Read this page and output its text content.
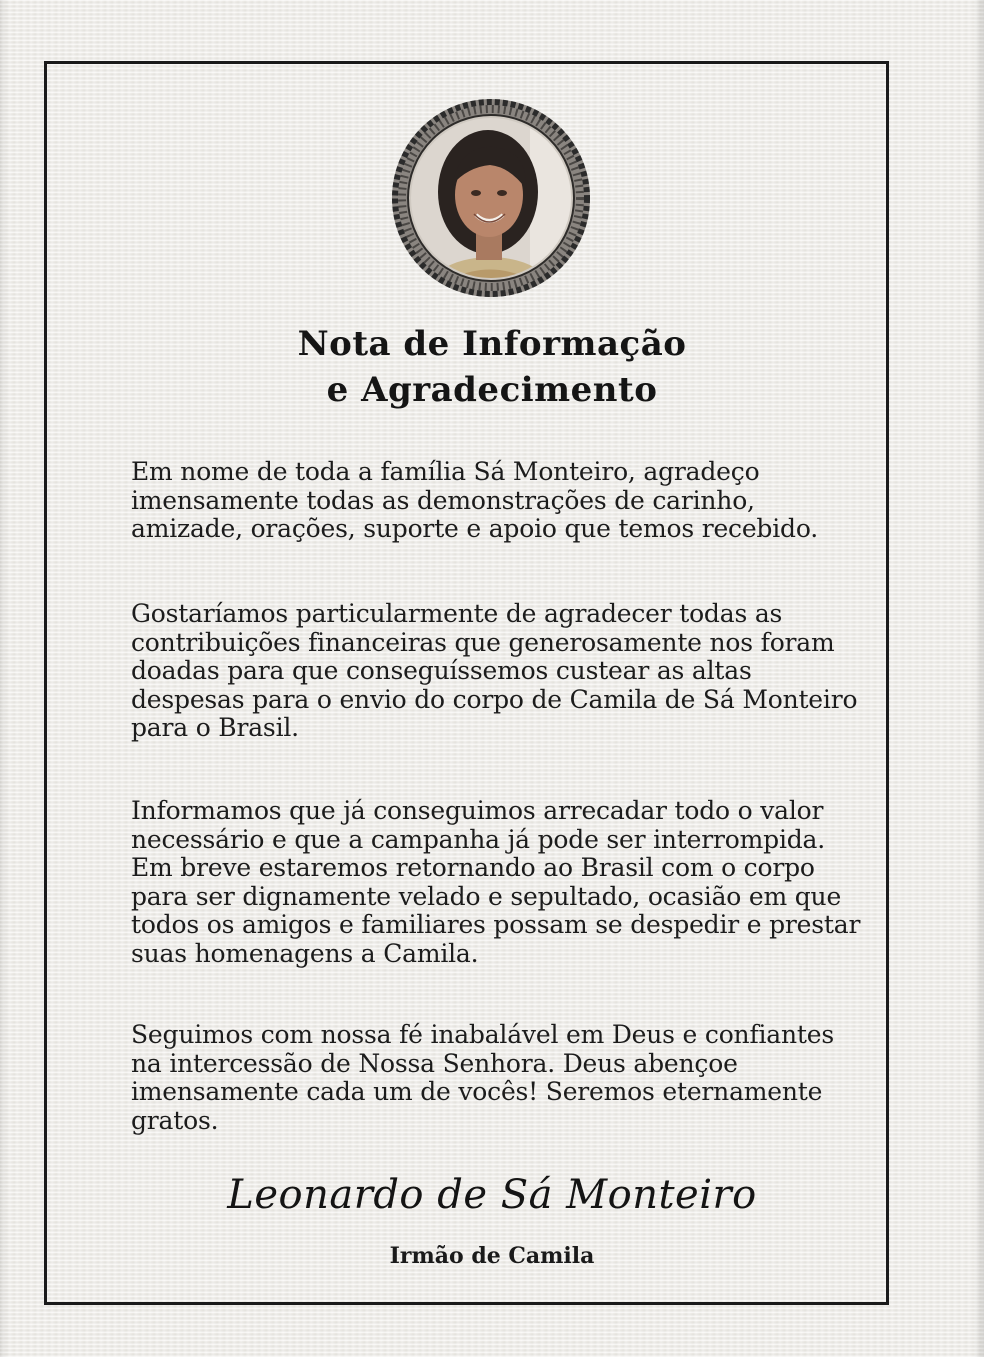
Nota de Informação
e Agradecimento

Em nome de toda a família Sá Monteiro, agradeço imensamente todas as demonstrações de carinho, amizade, orações, suporte e apoio que temos recebido.

Gostaríamos particularmente de agradecer todas as contribuições financeiras que generosamente nos foram doadas para que conseguíssemos custear as altas despesas para o envio do corpo de Camila de Sá Monteiro para o Brasil.

Informamos que já conseguimos arrecadar todo o valor necessário e que a campanha já pode ser interrompida. Em breve estaremos retornando ao Brasil com o corpo para ser dignamente velado e sepultado, ocasião em que todos os amigos e familiares possam se despedir e prestar suas homenagens a Camila.

Seguimos com nossa fé inabalável em Deus e confiantes na intercessão de Nossa Senhora. Deus abençoe imensamente cada um de vocês! Seremos eternamente gratos.

Leonardo de Sá Monteiro
Irmão de Camila
